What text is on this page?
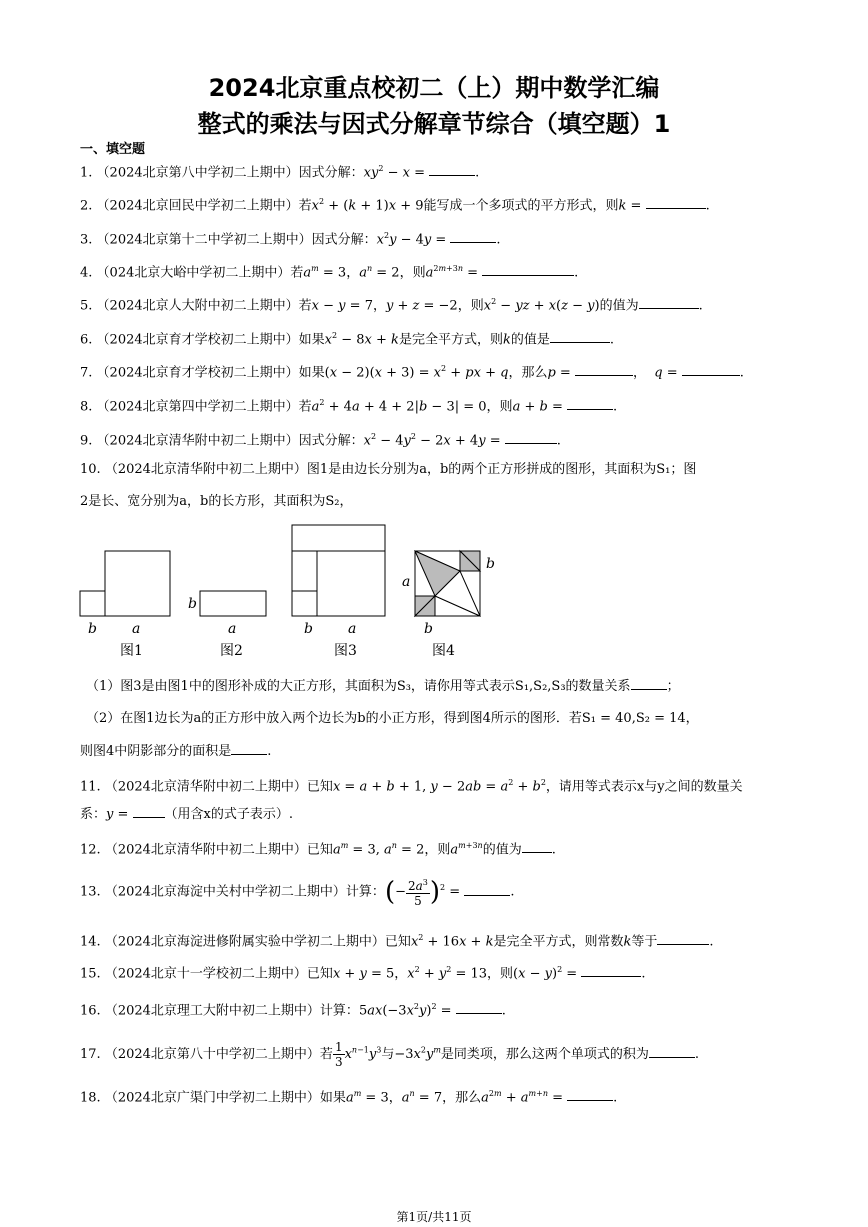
2024北京重点校初二（上）期中数学汇编
整式的乘法与因式分解章节综合（填空题）1
一、填空题
1. （2024北京第八中学初二上期中）因式分解：$xy^2 - x$ =	.
2. （2024北京回民中学初二上期中）若$x^2 + (k + 1)x + 9$能写成一个多项式的平方形式，则k =	.
3. （2024北京第十二中学初二上期中）因式分解：$x^2y - 4y$ =	.
4. （024北京大峪中学初二上期中）若$a^m = 3$，$a^n = 2$，则$a^{2m+3n}$ =	.
5. （2024北京人大附中初二上期中）若x − y = 7，y + z = −2，则$x^2$ − yz + x(z − y)的值为	.
6. （2024北京育才学校初二上期中）如果$x^2 - 8x + k$是完全平方式，则k的值是	.
7. （2024北京育才学校初二上期中）如果$(x - 2)(x + 3) = x^2$ + px + q，那么p =	， q =	.
8. （2024北京第四中学初二上期中）若$a^2 + 4a + 4 + 2|b - 3| = 0$，则a + b =	.
9. （2024北京清华附中初二上期中）因式分解：$x^2 - 4y^2 - 2x + 4y$ =	.
10. （2024北京清华附中初二上期中）图1是由边长分别为a，b的两个正方形拼成的图形，其面积为S₁；图
2是长、宽分别为a，b的长方形，其面积为S₂，
b	a
b
a	b	a
a
b
b
图1	图2	图3	图4
（1）图3是由图1中的图形补成的大正方形，其面积为S₃，请你用等式表示S₁,S₂,S₃的数量关系	；
（2）在图1边长为a的正方形中放入两个边长为b的小正方形，得到图4所示的图形．若S₁ = 40,S₂ = 14，
则图4中阴影部分的面积是	.
11. （2024北京清华附中初二上期中）已知x = a + b + 1, $y - 2ab = a^2 + b^2$，请用等式表示x与y之间的数量关
系：y = （用含x的式子表示）.
12. （2024北京清华附中初二上期中）已知$a^m = 3$, $a^n = 2$，则$a^{m+3n}$的值为 .
13. （2024北京海淀中关村中学初二上期中）计算：(− $\frac{2a^3}{5} )^2$ =	.
14. （2024北京海淀进修附属实验中学初二上期中）已知$x^2 + 16x + k$是完全平方式，则常数k等于	.
15. （2024北京十一学校初二上期中）已知x + y = 5，$x^2 + y^2 = 13$，则$(x - y)^2$ =	.
16. （2024北京理工大附中初二上期中）计算：$5ax(-3x^2y)^2$ =	.
17. （2024北京第八十中学初二上期中）若 $\frac{1}{3} x^{n-1}y^3$与$-3x^2y^m$是同类项，那么这两个单项式的积为	.
18. （2024北京广渠门中学初二上期中）如果$a^m = 3$，$a^n = 7$，那么$a^{2m} + a^{m+n}$ =	.
第1页/共11页
